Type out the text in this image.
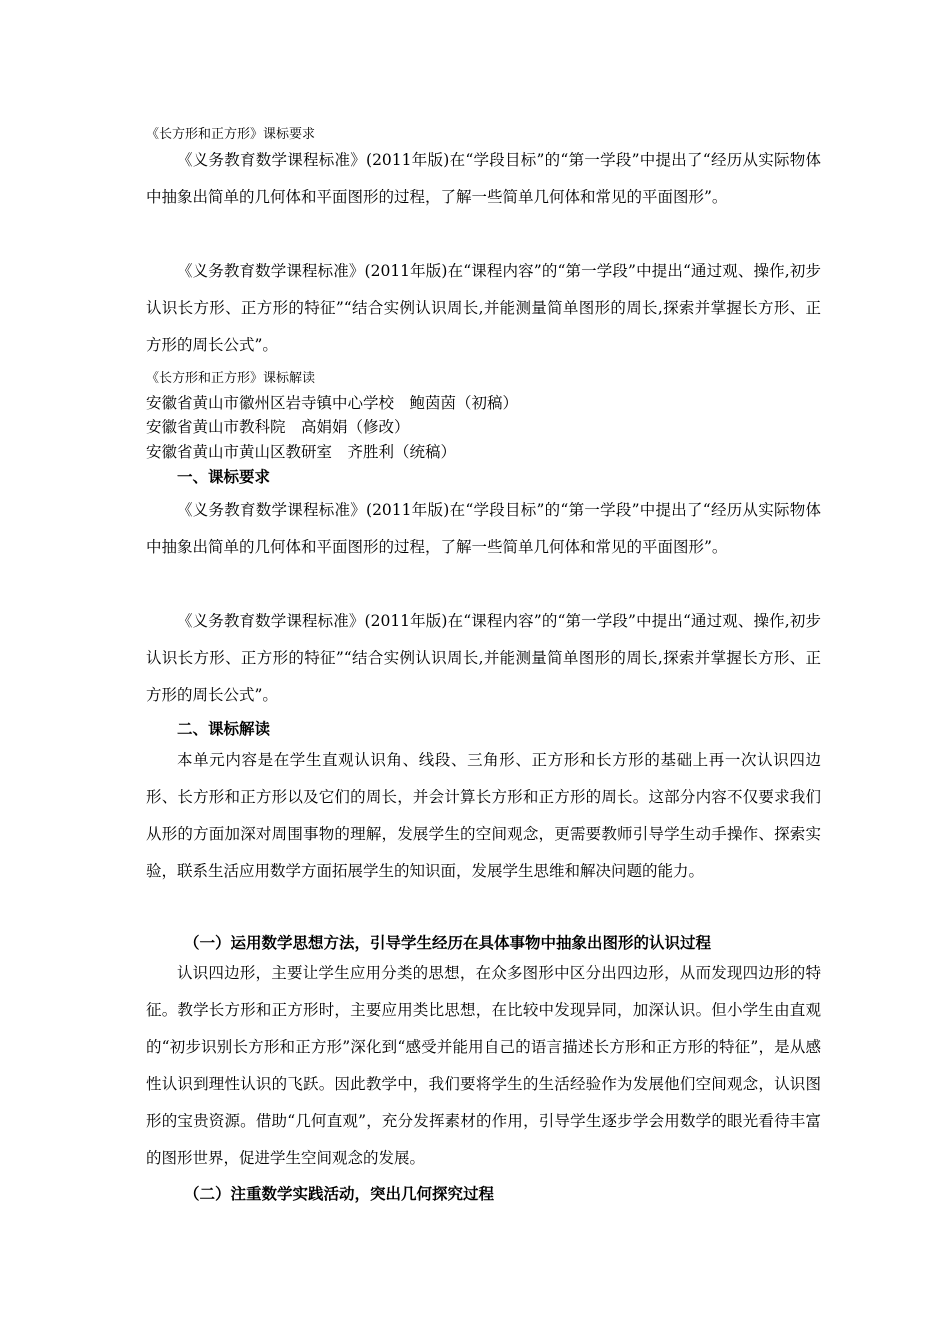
《长方形和正方形》课标要求

《义务教育数学课程标准》(2011年版)在“学段目标”的“第一学段”中提出了“经历从实际物体中抽象出简单的几何体和平面图形的过程，了解一些简单几何体和常见的平面图形”。

《义务教育数学课程标准》(2011年版)在“课程内容”的“第一学段”中提出“通过观、操作,初步认识长方形、正方形的特征”“结合实例认识周长,并能测量简单图形的周长,探索并掌握长方形、正方形的周长公式”。

《长方形和正方形》课标解读

安徽省黄山市徽州区岩寺镇中心学校　鲍茵茵（初稿）

安徽省黄山市教科院　高娟娟（修改）

安徽省黄山市黄山区教研室　齐胜利（统稿）

一、课标要求

《义务教育数学课程标准》(2011年版)在“学段目标”的“第一学段”中提出了“经历从实际物体中抽象出简单的几何体和平面图形的过程，了解一些简单几何体和常见的平面图形”。

《义务教育数学课程标准》(2011年版)在“课程内容”的“第一学段”中提出“通过观、操作,初步认识长方形、正方形的特征”“结合实例认识周长,并能测量简单图形的周长,探索并掌握长方形、正方形的周长公式”。

二、课标解读

本单元内容是在学生直观认识角、线段、三角形、正方形和长方形的基础上再一次认识四边形、长方形和正方形以及它们的周长，并会计算长方形和正方形的周长。这部分内容不仅要求我们从形的方面加深对周围事物的理解，发展学生的空间观念，更需要教师引导学生动手操作、探索实验，联系生活应用数学方面拓展学生的知识面，发展学生思维和解决问题的能力。

（一）运用数学思想方法，引导学生经历在具体事物中抽象出图形的认识过程

认识四边形，主要让学生应用分类的思想，在众多图形中区分出四边形，从而发现四边形的特征。教学长方形和正方形时，主要应用类比思想，在比较中发现异同，加深认识。但小学生由直观的“初步识别长方形和正方形”深化到“感受并能用自己的语言描述长方形和正方形的特征”，是从感性认识到理性认识的飞跃。因此教学中，我们要将学生的生活经验作为发展他们空间观念，认识图形的宝贵资源。借助“几何直观”，充分发挥素材的作用，引导学生逐步学会用数学的眼光看待丰富的图形世界，促进学生空间观念的发展。

（二）注重数学实践活动，突出几何探究过程
